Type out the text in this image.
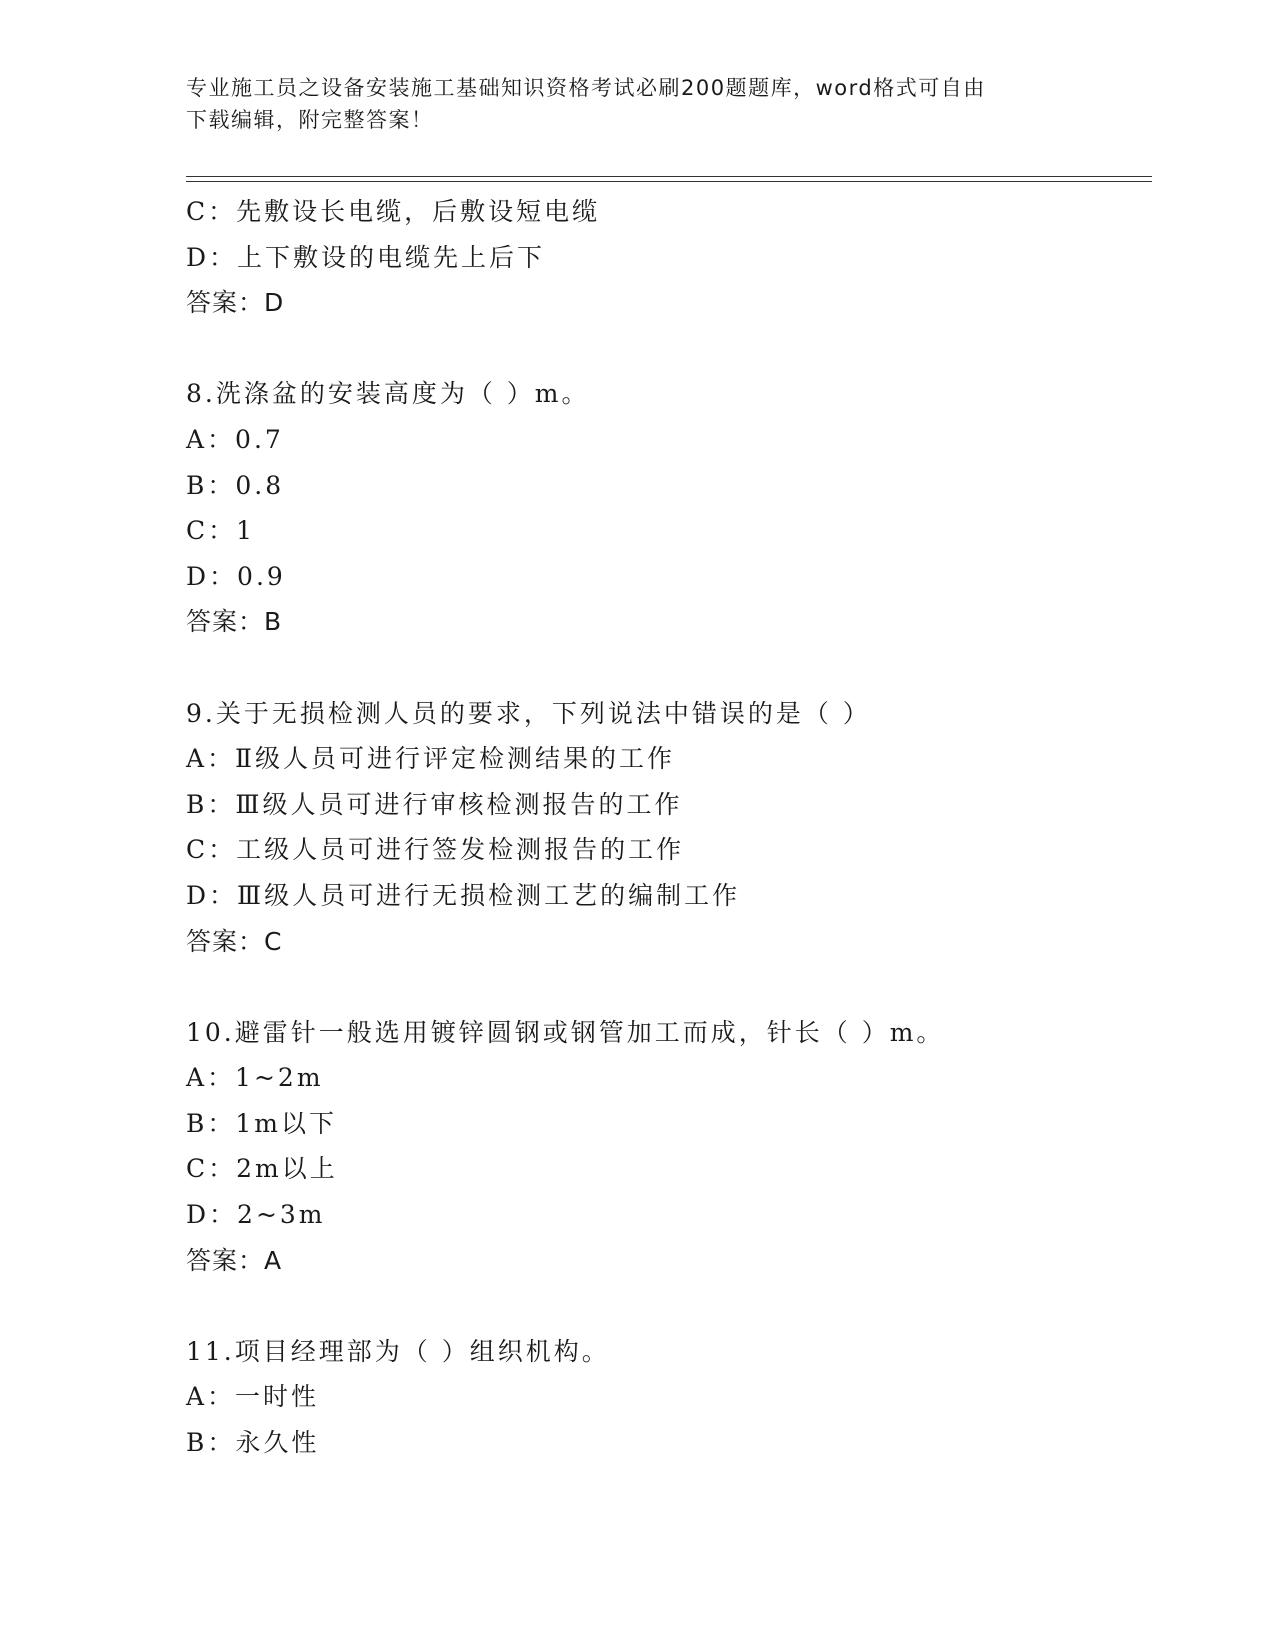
专业施工员之设备安装施工基础知识资格考试必刷200题题库，word格式可自由
下载编辑，附完整答案！
C：先敷设长电缆，后敷设短电缆
D：上下敷设的电缆先上后下
答案：D
8.洗涤盆的安装高度为（ ）m。
A：0.7
B：0.8
C：1
D：0.9
答案：B
9.关于无损检测人员的要求，下列说法中错误的是（ ）
A：Ⅱ级人员可进行评定检测结果的工作
B：Ⅲ级人员可进行审核检测报告的工作
C：工级人员可进行签发检测报告的工作
D：Ⅲ级人员可进行无损检测工艺的编制工作
答案：C
10.避雷针一般选用镀锌圆钢或钢管加工而成，针长（ ）m。
A：1~2m
B：1m以下
C：2m以上
D：2~3m
答案：A
11.项目经理部为（ ）组织机构。
A：一时性
B：永久性
